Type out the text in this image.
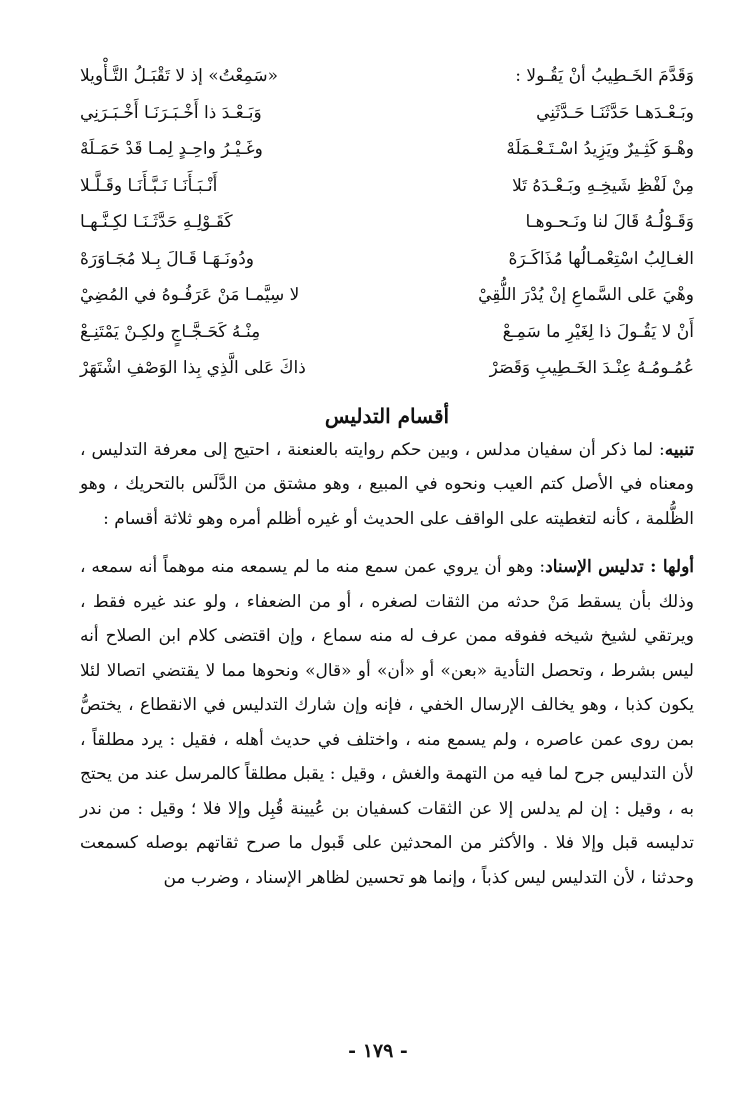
وَقَدَّمَ الخَـطِيبُ أنْ يَقُـولا :
«سَمِعْتُ» إذ لا تَقْبَـلُ التَّـأْويلا
وبَـعْـدَهـا حَدَّثَنَـا حَـدَّثَنِي
وَبَـعْـدَ ذا أَخْـبَـرَنَـا أَخْـبَـرَنِي
وهْـوَ كَثِـيرٌ ويَزِيدُ اسْـتَـعْـمَلَهْ
وغَـيْـرُ واحِـدٍ لِمـا قَدْ حَمَـلَهْ
مِنْ لَفْظِ شَيخِـهِ وبَـعْـدَهُ تَلا
أَنْـبَـأَنَـا نَـبَّـأَنَـا وقَـلَّـلا
وَقَـوْلُـهُ قَالَ لنا ونَـحـوهـا
كَقَـوْلِـهِ حَدَّثَـنَـا لكِـنَّـهـا
الغـالِبُ اسْتِعْمـالُها مُذَاكَـرَهْ
ودُونَـهَـا قَـالَ بِـلا مُجَـاوَرَهْ
وهْيَ عَلى السَّماعِ إنْ يُدْرَ اللُّقِيْ
لا سِيَّمـا مَنْ عَرَفُـوهُ في المُضِيْ
أَنْ لا يَقُـولَ ذا لِغَيْرِ ما سَمِـعْ
مِنْـهُ كَحَـجَّـاجٍ ولكِـنْ يَمْتَنِـعْ
عُمُـومُـهُ عِنْـدَ الخَـطِيبِ وَقَصَرْ
ذاكَ عَلى الَّذِي بِذا الوَصْفِ اشْتَهَرْ
أقسام التدليس

تنبيه: لما ذكر أن سفيان مدلس ، وبين حكم روايته بالعنعنة ، احتيج إلى معرفة التدليس ، ومعناه في الأصل كتم العيب ونحوه في المبيع ، وهو مشتق من الدَّلَس بالتحريك ، وهو الظُّلمة ، كأنه لتغطيته على الواقف على الحديث أو غيره أظلم أمره وهو ثلاثة أقسام :

أولها : تدليس الإسناد: وهو أن يروي عمن سمع منه ما لم يسمعه منه موهماً أنه سمعه ، وذلك بأن يسقط مَنْ حدثه من الثقات لصغره ، أو من الضعفاء ، ولو عند غيره فقط ، ويرتقي لشيخ شيخه ففوقه ممن عرف له منه سماع ، وإن اقتضى كلام ابن الصلاح أنه ليس بشرط ، وتحصل التأدية «بعن» أو «أن» أو «قال» ونحوها مما لا يقتضي اتصالا لئلا يكون كذبا ، وهو يخالف الإرسال الخفي ، فإنه وإن شارك التدليس في الانقطاع ، يختصُّ بمن روى عمن عاصره ، ولم يسمع منه ، واختلف في حديث أهله ، فقيل : يرد مطلقاً ، لأن التدليس جرح لما فيه من التهمة والغش ، وقيل : يقبل مطلقاً كالمرسل عند من يحتج به ، وقيل : إن لم يدلس إلا عن الثقات كسفيان بن عُيينة قُبِل وإلا فلا ؛ وقيل : من ندر تدليسه قبل وإلا فلا . والأكثر من المحدثين على قَبول ما صرح ثقاتهم بوصله كسمعت وحدثنا ، لأن التدليس ليس كذباً ، وإنما هو تحسين لظاهر الإسناد ، وضرب من

- ١٧٩ -
